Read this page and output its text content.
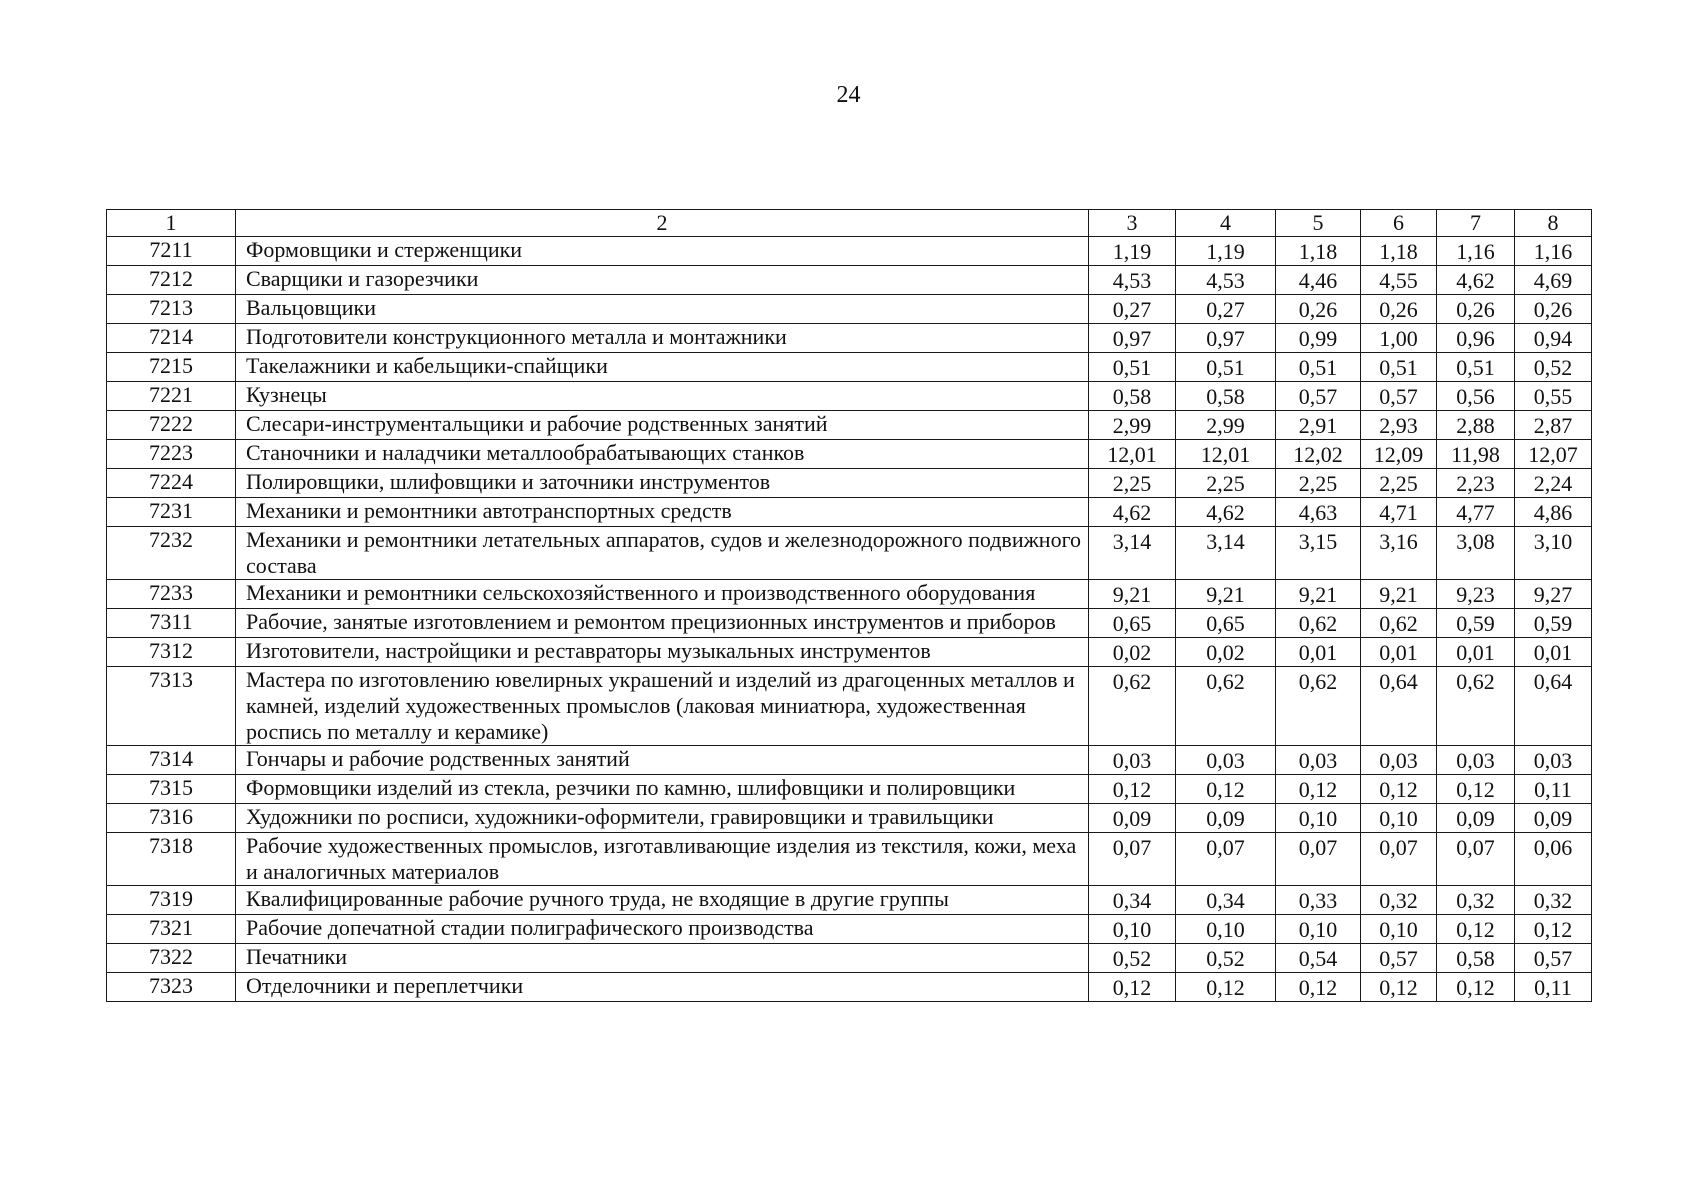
24
1	2	3	4	5	6	7	8
7211	Формовщики и стерженщики	1,19	1,19	1,18	1,18	1,16	1,16
7212	Сварщики и газорезчики	4,53	4,53	4,46	4,55	4,62	4,69
7213	Вальцовщики	0,27	0,27	0,26	0,26	0,26	0,26
7214	Подготовители конструкционного металла и монтажники	0,97	0,97	0,99	1,00	0,96	0,94
7215	Такелажники и кабельщики-спайщики	0,51	0,51	0,51	0,51	0,51	0,52
7221	Кузнецы	0,58	0,58	0,57	0,57	0,56	0,55
7222	Слесари-инструментальщики и рабочие родственных занятий	2,99	2,99	2,91	2,93	2,88	2,87
7223	Станочники и наладчики металлообрабатывающих станков	12,01	12,01	12,02	12,09	11,98	12,07
7224	Полировщики, шлифовщики и заточники инструментов	2,25	2,25	2,25	2,25	2,23	2,24
7231	Механики и ремонтники автотранспортных средств	4,62	4,62	4,63	4,71	4,77	4,86
7232	Механики и ремонтники летательных аппаратов, судов и железнодорожного подвижного состава	3,14	3,14	3,15	3,16	3,08	3,10
7233	Механики и ремонтники сельскохозяйственного и производственного оборудования	9,21	9,21	9,21	9,21	9,23	9,27
7311	Рабочие, занятые изготовлением и ремонтом прецизионных инструментов и приборов	0,65	0,65	0,62	0,62	0,59	0,59
7312	Изготовители, настройщики и реставраторы музыкальных инструментов	0,02	0,02	0,01	0,01	0,01	0,01
7313	Мастера по изготовлению ювелирных украшений и изделий из драгоценных металлов и камней, изделий художественных промыслов (лаковая миниатюра, художественная роспись по металлу и керамике)	0,62	0,62	0,62	0,64	0,62	0,64
7314	Гончары и рабочие родственных занятий	0,03	0,03	0,03	0,03	0,03	0,03
7315	Формовщики изделий из стекла, резчики по камню, шлифовщики и полировщики	0,12	0,12	0,12	0,12	0,12	0,11
7316	Художники по росписи, художники-оформители, гравировщики и травильщики	0,09	0,09	0,10	0,10	0,09	0,09
7318	Рабочие художественных промыслов, изготавливающие изделия из текстиля, кожи, меха и аналогичных материалов	0,07	0,07	0,07	0,07	0,07	0,06
7319	Квалифицированные рабочие ручного труда, не входящие в другие группы	0,34	0,34	0,33	0,32	0,32	0,32
7321	Рабочие допечатной стадии полиграфического производства	0,10	0,10	0,10	0,10	0,12	0,12
7322	Печатники	0,52	0,52	0,54	0,57	0,58	0,57
7323	Отделочники и переплетчики	0,12	0,12	0,12	0,12	0,12	0,11
